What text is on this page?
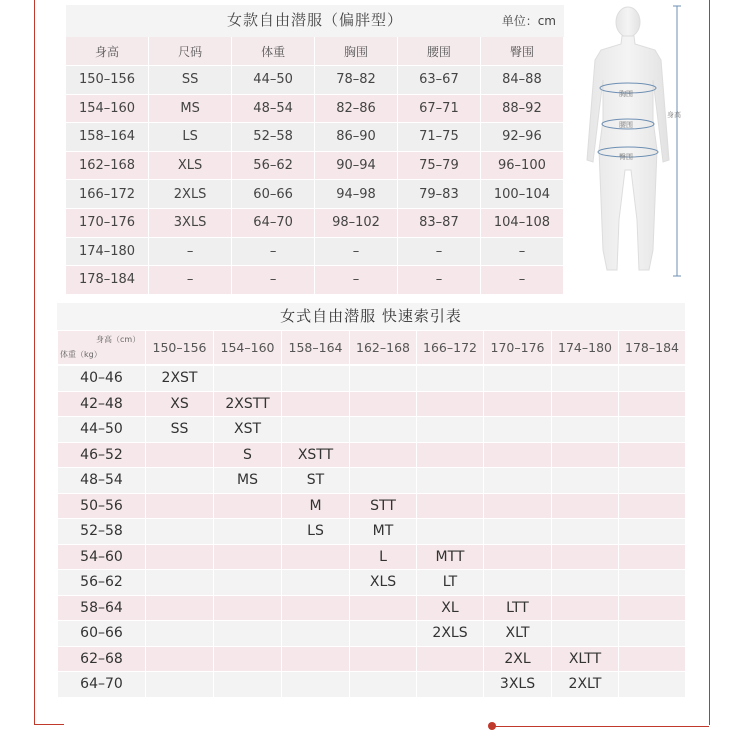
女款自由潜服（偏胖型）	单位：cm
身高	尺码	体重	胸围	腰围	臀围
150–156	SS	44–50	78–82	63–67	84–88
154–160	MS	48–54	82–86	67–71	88–92
158–164	LS	52–58	86–90	71–75	92–96
162–168	XLS	56–62	90–94	75–79	96–100
166–172	2XLS	60–66	94–98	79–83	100–104
170–176	3XLS	64–70	98–102	83–87	104–108
174–180	–	–	–	–	–
178–184	–	–	–	–	–
胸围
腰围
臀围
身高
女式自由潜服 快速索引表
身高（cm）
体重（kg）	150–156	154–160	158–164	162–168	166–172	170–176	174–180	178–184
40–46	2XST							
42–48	XS	2XSTT						
44–50	SS	XST						
46–52		S	XSTT					
48–54		MS	ST					
50–56			M	STT				
52–58			LS	MT				
54–60				L	MTT			
56–62				XLS	LT			
58–64					XL	LTT		
60–66					2XLS	XLT		
62–68						2XL	XLTT	
64–70						3XLS	2XLT	
